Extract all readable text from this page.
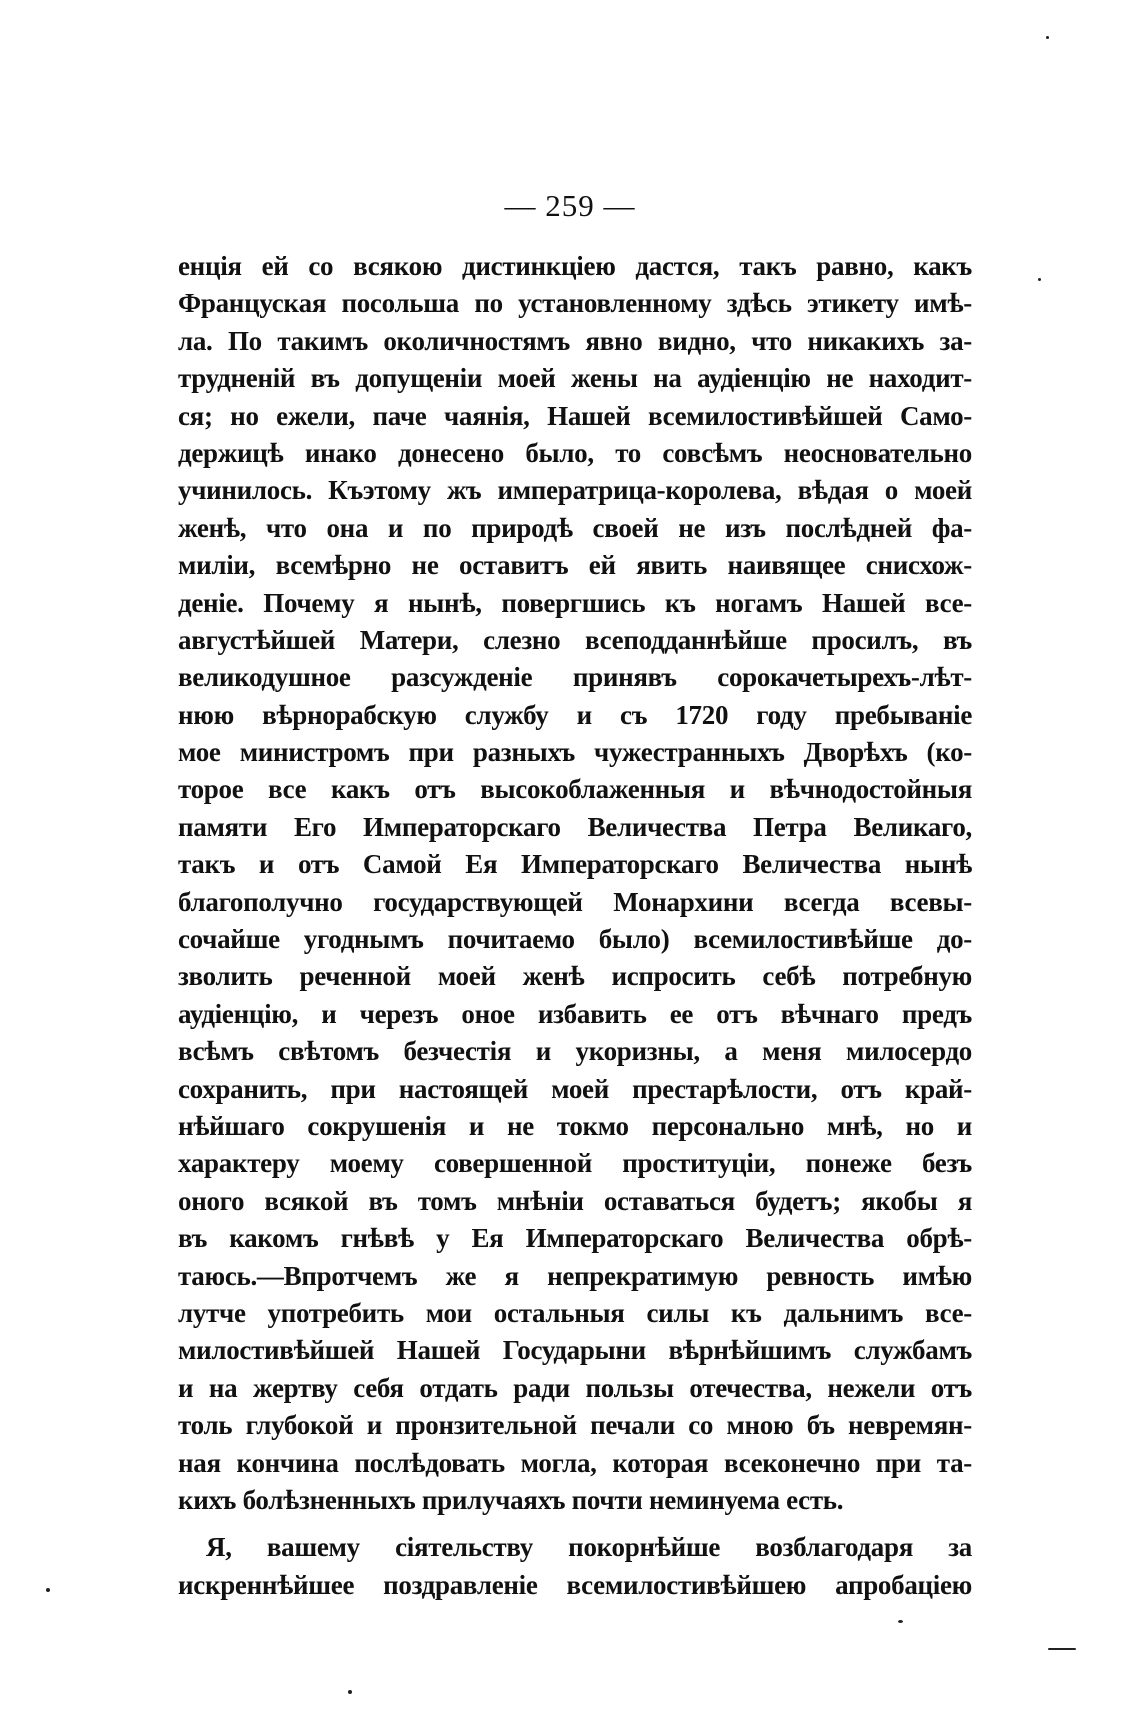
— 259 —
енція ей со всякою дистинкціею дастся, такъ равно, какъ
Францускaя посольша по установленному здѣсь этикету имѣ-
ла. По такимъ околичностямъ явно видно, что никакихъ за-
трудненій въ допущеніи моей жены на аудіенцію не находит-
ся; но ежели, паче чаянія, Нашей всемилостивѣйшей Само-
держицѣ инако донесено было, то совсѣмъ неосновательно
учинилось. Къэтому жъ императрица-королева, вѣдая о моей
женѣ, что она и по природѣ своей не изъ послѣдней фа-
миліи, всемѣрно не оставитъ ей явить наивящее снисхож-
деніе. Почему я нынѣ, повергшись къ ногамъ Нашей все-
августѣйшей Матери, слезно всеподданнѣйше просилъ, въ
великодушное разсужденіе принявъ сорокачетырехъ-лѣт-
нюю вѣрнорабскую службу и съ 1720 году пребываніе
мое министромъ при разныхъ чужестранныхъ Дворѣхъ (ко-
торое все какъ отъ высокоблаженныя и вѣчнодостойныя
памяти Его Императорскаго Величества Петра Великаго,
такъ и отъ Самой Ея Императорскаго Величества нынѣ
благополучно государствующей Монархини всегда всевы-
сочайше угоднымъ почитаемо было) всемилостивѣйше до-
зволить реченной моей женѣ испросить себѣ потребную
аудіенцію, и черезъ оное избавить ее отъ вѣчнаго предъ
всѣмъ свѣтомъ безчестія и укоризны, а меня милосердо
сохранить, при настоящей моей престарѣлости, отъ край-
нѣйшаго сокрушенія и не токмо персонально мнѣ, но и
характеру моему совершенной проституціи, понеже безъ
оного всякой въ томъ мнѣніи оставаться будетъ; якобы я
въ какомъ гнѣвѣ у Ея Императорскаго Величества обрѣ-
таюсь.—Впротчемъ же я непрекратимую ревность имѣю
лутче употребить мои остальныя силы къ дальнимъ все-
милостивѣйшей Нашей Государыни вѣрнѣйшимъ службамъ
и на жертву себя отдать ради пользы отечества, нежели отъ
толь глубокой и пронзительной печали со мною бъ невремян-
ная кончина послѣдовать могла, которая всеконечно при та-
кихъ болѣзненныхъ прилучаяхъ почти неминуема есть.
Я, вашему сіятельству покорнѣйше возблагодаря за
искреннѣйшее поздравленіе всемилостивѣйшею апробаціею
